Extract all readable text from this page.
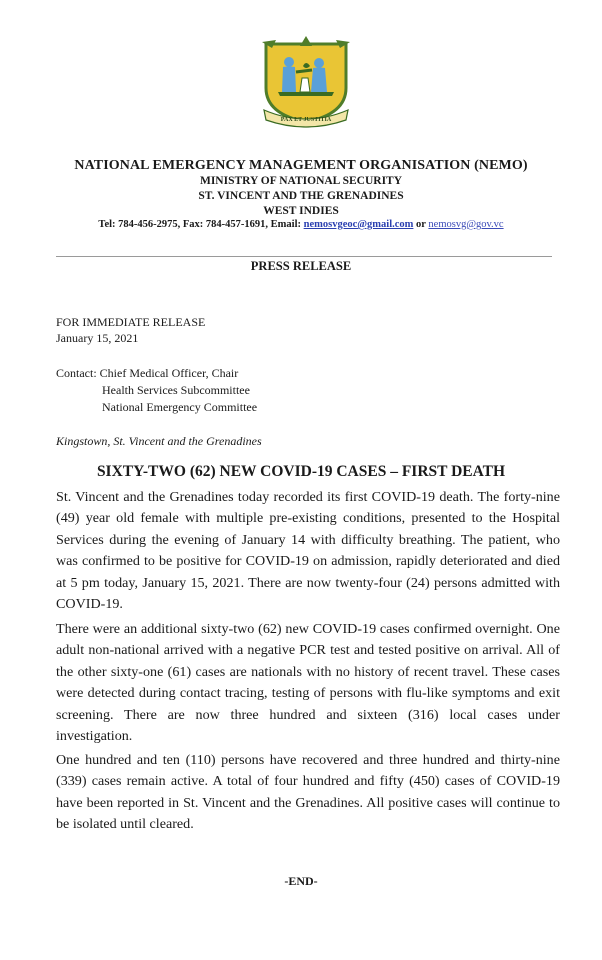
PAX ET JUSTITIA
NATIONAL EMERGENCY MANAGEMENT ORGANISATION (NEMO)
MINISTRY OF NATIONAL SECURITY
ST. VINCENT AND THE GRENADINES
WEST INDIES
Tel: 784-456-2975, Fax: 784-457-1691, Email: nemosvgeoc@gmail.com or nemosvg@gov.vc
PRESS RELEASE
FOR IMMEDIATE RELEASE
January 15, 2021
Contact: Chief Medical Officer, Chair
Health Services Subcommittee
National Emergency Committee
Kingstown, St. Vincent and the Grenadines
SIXTY-TWO (62) NEW COVID-19 CASES – FIRST DEATH
St. Vincent and the Grenadines today recorded its first COVID-19 death. The forty-nine (49) year old female with multiple pre-existing conditions, presented to the Hospital Services during the evening of January 14 with difficulty breathing. The patient, who was confirmed to be positive for COVID-19 on admission, rapidly deteriorated and died at 5 pm today, January 15, 2021. There are now twenty-four (24) persons admitted with COVID-19.
There were an additional sixty-two (62) new COVID-19 cases confirmed overnight. One adult non-national arrived with a negative PCR test and tested positive on arrival. All of the other sixty-one (61) cases are nationals with no history of recent travel. These cases were detected during contact tracing, testing of persons with flu-like symptoms and exit screening. There are now three hundred and sixteen (316) local cases under investigation.
One hundred and ten (110) persons have recovered and three hundred and thirty-nine (339) cases remain active. A total of four hundred and fifty (450) cases of COVID-19 have been reported in St. Vincent and the Grenadines. All positive cases will continue to be isolated until cleared.
-END-
